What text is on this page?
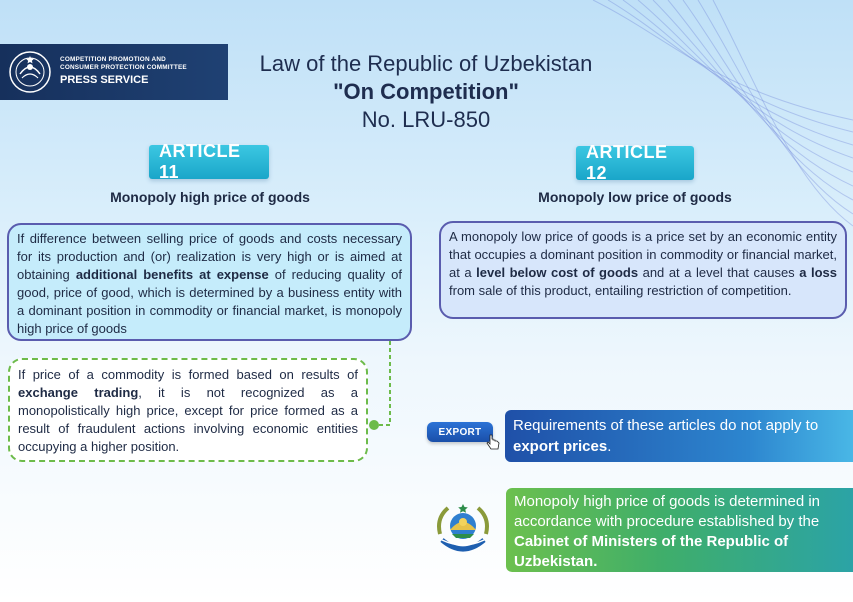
COMPETITION PROMOTION AND
CONSUMER PROTECTION COMMITTEE
PRESS SERVICE
Law of the Republic of Uzbekistan
"On Competition"
No. LRU-850
ARTICLE 11
Monopoly high price of goods
If difference between selling price of goods and costs necessary for its production and (or) realization is very high or is aimed at obtaining additional benefits at expense of reducing quality of good, price of good, which is determined by a business entity with a dominant position in commodity or financial market, is monopoly high price of goods
If price of a commodity is formed based on results of exchange trading, it is not recognized as a monopolistically high price, except for price formed as a result of fraudulent actions involving economic entities occupying a higher position.
ARTICLE 12
Monopoly low price of goods
A monopoly low price of goods is a price set by an economic entity that occupies a dominant position in commodity or financial market, at a level below cost of goods and at a level that causes a loss from sale of this product, entailing restriction of competition.
EXPORT	Requirements of these articles do not apply to export prices.
Monopoly high price of goods is determined in accordance with procedure established by the Cabinet of Ministers of the Republic of Uzbekistan.
